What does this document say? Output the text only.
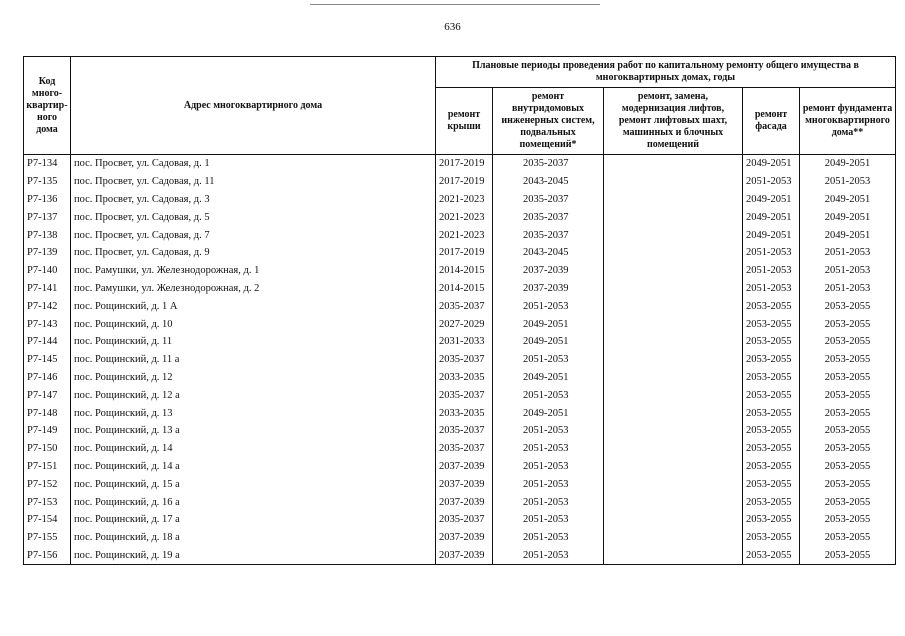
636
Код много-квартир-ного дома	Адрес многоквартирного дома	Плановые периоды проведения работ по капитальному ремонту общего имущества в многоквартирных домах, годы				
		ремонт крыши	ремонт внутридомовых инженерных систем, подвальных помещений*	ремонт, замена, модернизация лифтов, ремонт лифтовых шахт, машинных и блочных помещений	ремонт фасада	ремонт фундамента многоквартирного дома**
Р7-134	пос. Просвет, ул. Садовая, д. 1	2017-2019	2035-2037		2049-2051	2049-2051
Р7-135	пос. Просвет, ул. Садовая, д. 11	2017-2019	2043-2045		2051-2053	2051-2053
Р7-136	пос. Просвет, ул. Садовая, д. 3	2021-2023	2035-2037		2049-2051	2049-2051
Р7-137	пос. Просвет, ул. Садовая, д. 5	2021-2023	2035-2037		2049-2051	2049-2051
Р7-138	пос. Просвет, ул. Садовая, д. 7	2021-2023	2035-2037		2049-2051	2049-2051
Р7-139	пос. Просвет, ул. Садовая, д. 9	2017-2019	2043-2045		2051-2053	2051-2053
Р7-140	пос. Рамушки, ул. Железнодорожная, д. 1	2014-2015	2037-2039		2051-2053	2051-2053
Р7-141	пос. Рамушки, ул. Железнодорожная, д. 2	2014-2015	2037-2039		2051-2053	2051-2053
Р7-142	пос. Рощинский, д. 1 А	2035-2037	2051-2053		2053-2055	2053-2055
Р7-143	пос. Рощинский, д. 10	2027-2029	2049-2051		2053-2055	2053-2055
Р7-144	пос. Рощинский, д. 11	2031-2033	2049-2051		2053-2055	2053-2055
Р7-145	пос. Рощинский, д. 11 а	2035-2037	2051-2053		2053-2055	2053-2055
Р7-146	пос. Рощинский, д. 12	2033-2035	2049-2051		2053-2055	2053-2055
Р7-147	пос. Рощинский, д. 12 а	2035-2037	2051-2053		2053-2055	2053-2055
Р7-148	пос. Рощинский, д. 13	2033-2035	2049-2051		2053-2055	2053-2055
Р7-149	пос. Рощинский, д. 13 а	2035-2037	2051-2053		2053-2055	2053-2055
Р7-150	пос. Рощинский, д. 14	2035-2037	2051-2053		2053-2055	2053-2055
Р7-151	пос. Рощинский, д. 14 а	2037-2039	2051-2053		2053-2055	2053-2055
Р7-152	пос. Рощинский, д. 15 а	2037-2039	2051-2053		2053-2055	2053-2055
Р7-153	пос. Рощинский, д. 16 а	2037-2039	2051-2053		2053-2055	2053-2055
Р7-154	пос. Рощинский, д. 17 а	2035-2037	2051-2053		2053-2055	2053-2055
Р7-155	пос. Рощинский, д. 18 а	2037-2039	2051-2053		2053-2055	2053-2055
Р7-156	пос. Рощинский, д. 19 а	2037-2039	2051-2053		2053-2055	2053-2055
